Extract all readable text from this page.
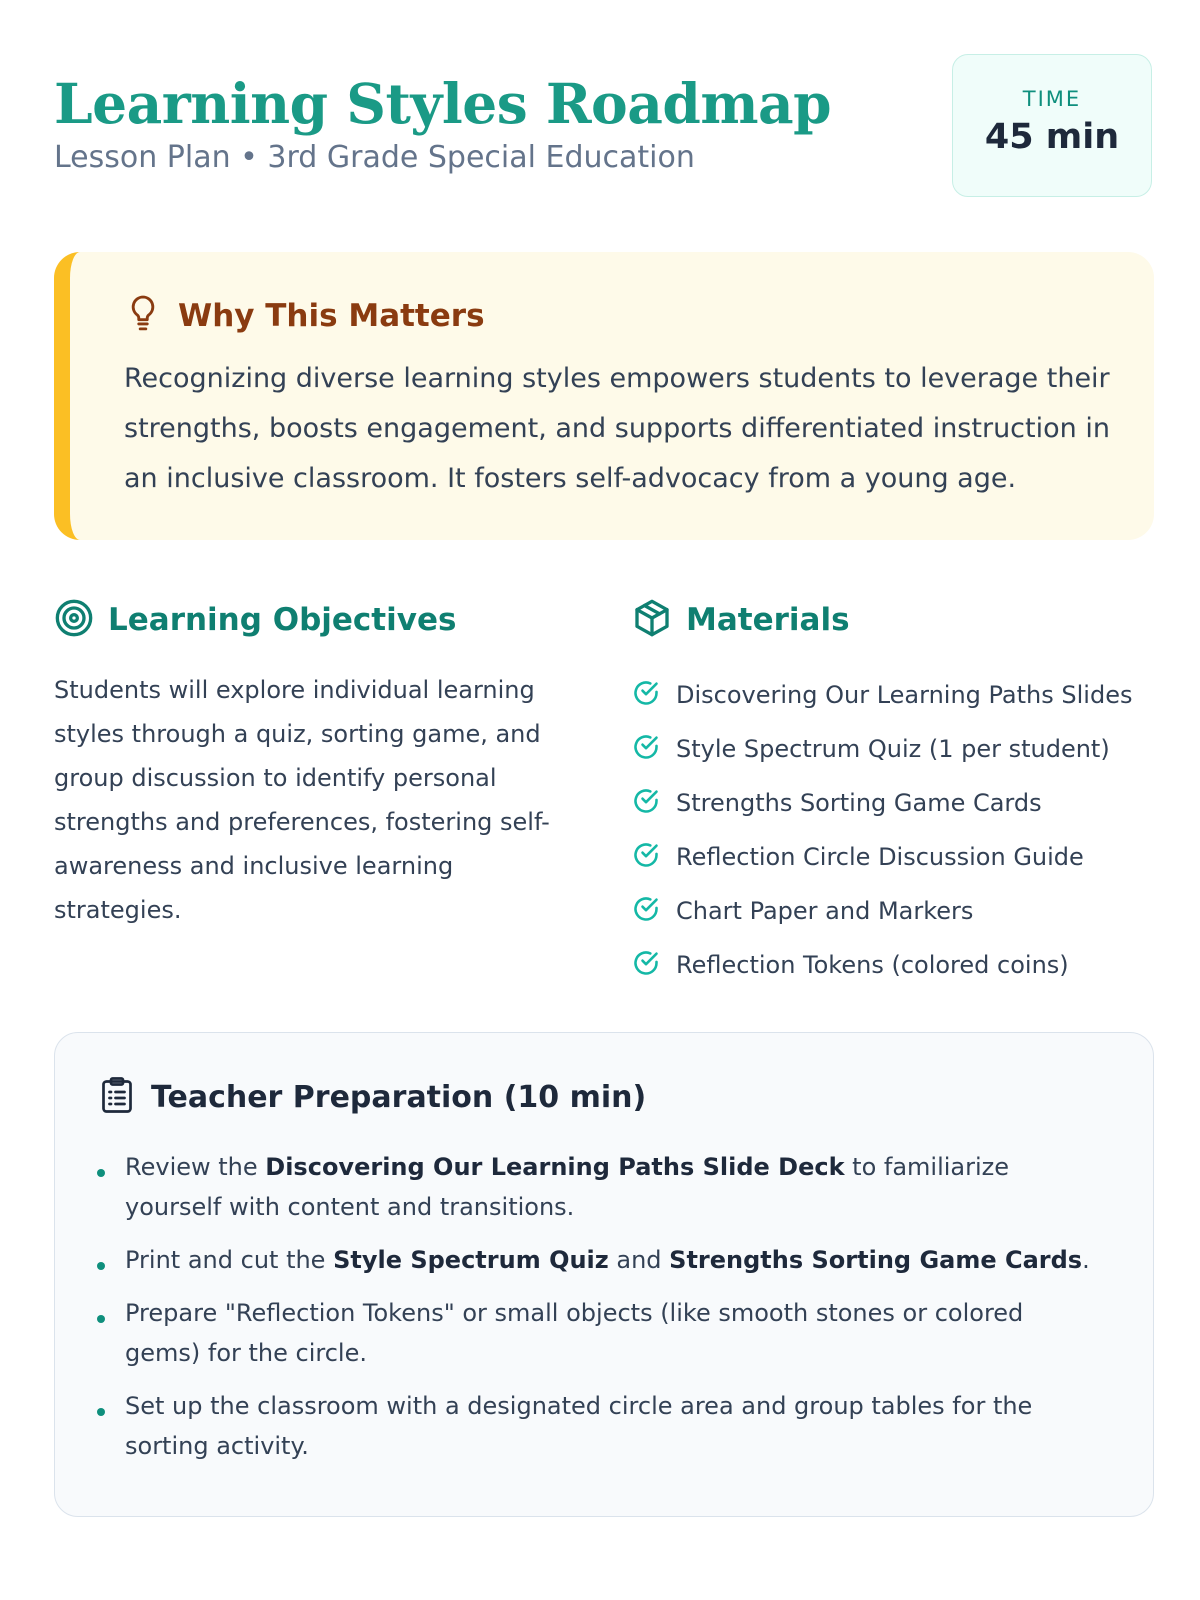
Learning Styles Roadmap
Lesson Plan • 3rd Grade Special Education
TIME
45 min
Why This Matters

Recognizing diverse learning styles empowers students to leverage their strengths, boosts engagement, and supports differentiated instruction in an inclusive classroom. It fosters self-advocacy from a young age.

Learning Objectives

Students will explore individual learning styles through a quiz, sorting game, and group discussion to identify personal strengths and preferences, fostering self-awareness and inclusive learning strategies.

Materials
Discovering Our Learning Paths Slides
Style Spectrum Quiz (1 per student)
Strengths Sorting Game Cards
Reflection Circle Discussion Guide
Chart Paper and Markers
Reflection Tokens (colored coins)
Teacher Preparation (10 min)
Review the Discovering Our Learning Paths Slide Deck to familiarize yourself with content and transitions.
Print and cut the Style Spectrum Quiz and Strengths Sorting Game Cards.
Prepare "Reflection Tokens" or small objects (like smooth stones or colored gems) for the circle.
Set up the classroom with a designated circle area and group tables for the sorting activity.
